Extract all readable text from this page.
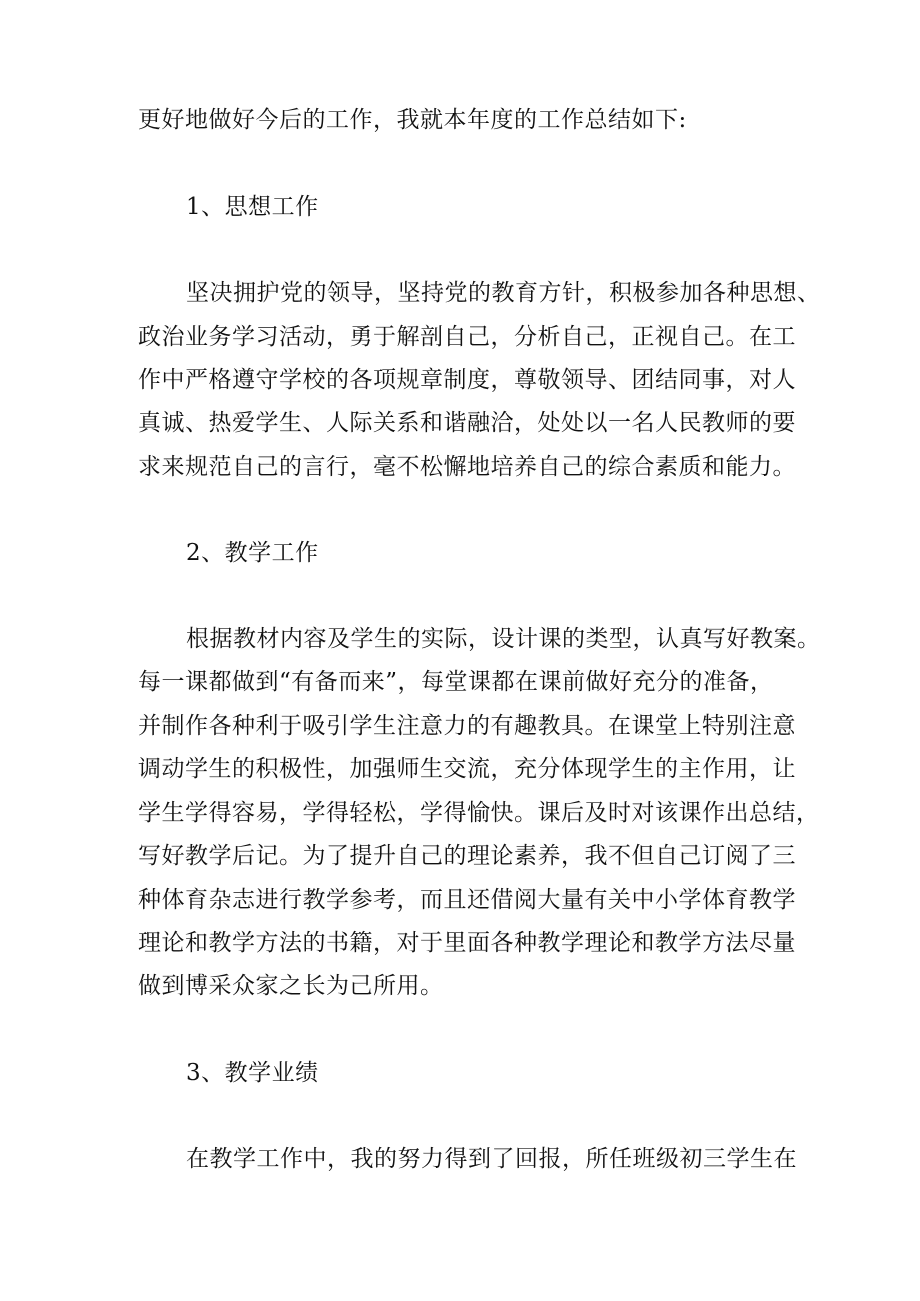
更好地做好今后的工作，我就本年度的工作总结如下:
1、思想工作
坚决拥护党的领导，坚持党的教育方针，积极参加各种思想、
政治业务学习活动，勇于解剖自己，分析自己，正视自己。在工
作中严格遵守学校的各项规章制度，尊敬领导、团结同事，对人
真诚、热爱学生、人际关系和谐融洽，处处以一名人民教师的要
求来规范自己的言行，毫不松懈地培养自己的综合素质和能力。
2、教学工作
根据教材内容及学生的实际，设计课的类型，认真写好教案。
每一课都做到“有备而来”，每堂课都在课前做好充分的准备，
并制作各种利于吸引学生注意力的有趣教具。在课堂上特别注意
调动学生的积极性，加强师生交流，充分体现学生的主作用，让
学生学得容易，学得轻松，学得愉快。课后及时对该课作出总结，
写好教学后记。为了提升自己的理论素养，我不但自己订阅了三
种体育杂志进行教学参考，而且还借阅大量有关中小学体育教学
理论和教学方法的书籍，对于里面各种教学理论和教学方法尽量
做到博采众家之长为己所用。
3、教学业绩
在教学工作中，我的努力得到了回报，所任班级初三学生在
